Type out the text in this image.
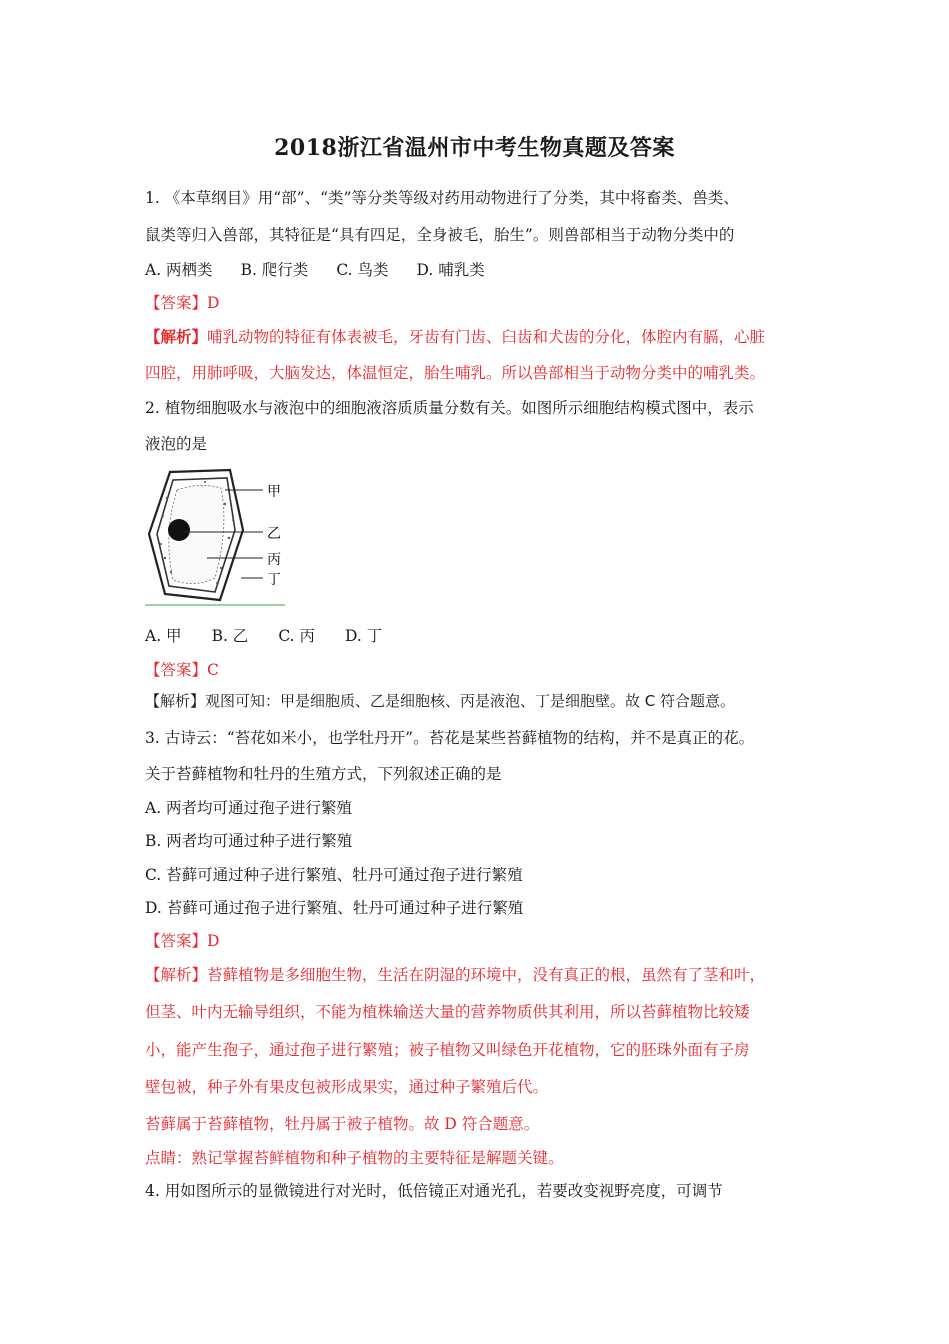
2018浙江省温州市中考生物真题及答案
1. 《本草纲目》用“部”、“类”等分类等级对药用动物进行了分类，其中将畜类、兽类、
鼠类等归入兽部，其特征是“具有四足，全身被毛，胎生”。则兽部相当于动物分类中的
A. 两栖类 B. 爬行类 C. 鸟类 D. 哺乳类
【答案】D
【解析】哺乳动物的特征有体表被毛，牙齿有门齿、臼齿和犬齿的分化，体腔内有膈，心脏
四腔，用肺呼吸，大脑发达，体温恒定，胎生哺乳。所以兽部相当于动物分类中的哺乳类。
2. 植物细胞吸水与液泡中的细胞液溶质质量分数有关。如图所示细胞结构模式图中，表示
液泡的是
甲
乙
丙
丁
A. 甲 B. 乙 C. 丙 D. 丁
【答案】C
【解析】观图可知：甲是细胞质、乙是细胞核、丙是液泡、丁是细胞壁。故 C 符合题意。
3. 古诗云：“苔花如米小，也学牡丹开”。苔花是某些苔藓植物的结构，并不是真正的花。
关于苔藓植物和牡丹的生殖方式，下列叙述正确的是
A. 两者均可通过孢子进行繁殖
B. 两者均可通过种子进行繁殖
C. 苔藓可通过种子进行繁殖、牡丹可通过孢子进行繁殖
D. 苔藓可通过孢子进行繁殖、牡丹可通过种子进行繁殖
【答案】D
【解析】苔藓植物是多细胞生物，生活在阴湿的环境中，没有真正的根，虽然有了茎和叶，
但茎、叶内无输导组织，不能为植株输送大量的营养物质供其利用，所以苔藓植物比较矮
小，能产生孢子，通过孢子进行繁殖；被子植物又叫绿色开花植物，它的胚珠外面有子房
壁包被，种子外有果皮包被形成果实，通过种子繁殖后代。
苔藓属于苔藓植物，牡丹属于被子植物。故 D 符合题意。
点睛：熟记掌握苔鲜植物和种子植物的主要特征是解题关键。
4. 用如图所示的显微镜进行对光时，低倍镜正对通光孔，若要改变视野亮度，可调节
